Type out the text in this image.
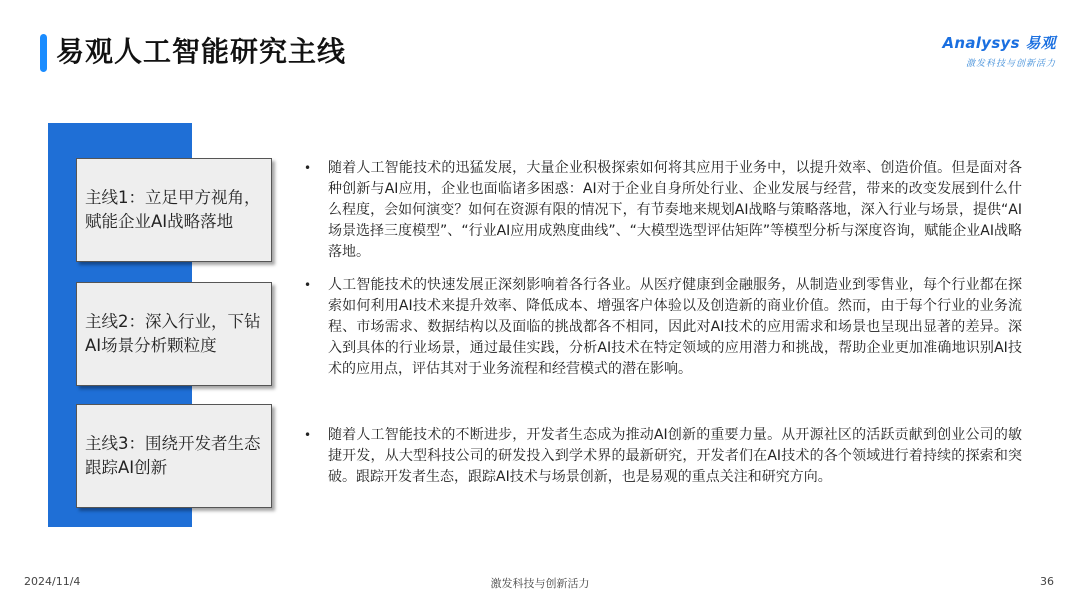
易观人工智能研究主线	Analysys 易观
激发科技与创新活力
主线1：立足甲方视角，赋能企业AI战略落地
主线2：深入行业，下钻AI场景分析颗粒度
主线3：围绕开发者生态跟踪AI创新
• 随着人工智能技术的迅猛发展，大量企业积极探索如何将其应用于业务中，以提升效率、创造价值。但是面对各种创新与AI应用，企业也面临诸多困惑：AI对于企业自身所处行业、企业发展与经营，带来的改变发展到什么什么程度，会如何演变？如何在资源有限的情况下，有节奏地来规划AI战略与策略落地，深入行业与场景，提供“AI场景选择三度模型”、“行业AI应用成熟度曲线”、“大模型选型评估矩阵”等模型分析与深度咨询，赋能企业AI战略落地。
• 人工智能技术的快速发展正深刻影响着各行各业。从医疗健康到金融服务，从制造业到零售业，每个行业都在探索如何利用AI技术来提升效率、降低成本、增强客户体验以及创造新的商业价值。然而，由于每个行业的业务流程、市场需求、数据结构以及面临的挑战都各不相同，因此对AI技术的应用需求和场景也呈现出显著的差异。深入到具体的行业场景，通过最佳实践，分析AI技术在特定领域的应用潜力和挑战，帮助企业更加准确地识别AI技术的应用点，评估其对于业务流程和经营模式的潜在影响。
• 随着人工智能技术的不断进步，开发者生态成为推动AI创新的重要力量。从开源社区的活跃贡献到创业公司的敏捷开发，从大型科技公司的研发投入到学术界的最新研究，开发者们在AI技术的各个领域进行着持续的探索和突破。跟踪开发者生态，跟踪AI技术与场景创新，也是易观的重点关注和研究方向。
2024/11/4	激发科技与创新活力	36
